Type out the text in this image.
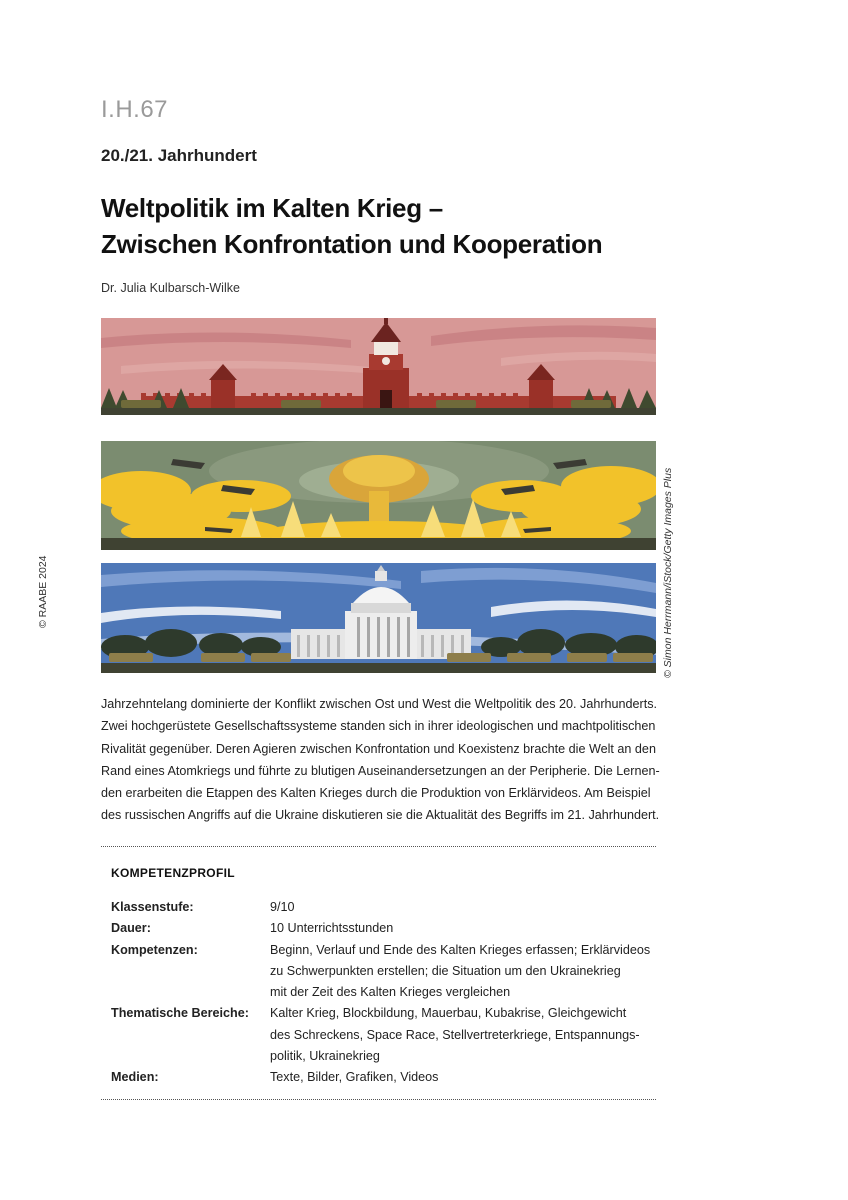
I.H.67
20./21. Jahrhundert
Weltpolitik im Kalten Krieg –
Zwischen Konfrontation und Kooperation
Dr. Julia Kulbarsch-Wilke
© RAABE 2024	© Simon Herrmann/iStock/Getty Images Plus

Jahrzehntelang dominierte der Konflikt zwischen Ost und West die Weltpolitik des 20. Jahrhunderts.

Zwei hochgerüstete Gesellschaftssysteme standen sich in ihrer ideologischen und machtpolitischen

Rivalität gegenüber. Deren Agieren zwischen Konfrontation und Koexistenz brachte die Welt an den

Rand eines Atomkriegs und führte zu blutigen Auseinandersetzungen an der Peripherie. Die Lernen-

den erarbeiten die Etappen des Kalten Krieges durch die Produktion von Erklärvideos. Am Beispiel

des russischen Angriffs auf die Ukraine diskutieren sie die Aktualität des Begriffs im 21. Jahrhundert.

KOMPETENZPROFIL
Klassenstufe:	9/10
Dauer:	10 Unterrichtsstunden
Kompetenzen:	Beginn, Verlauf und Ende des Kalten Krieges erfassen; Erklärvideos
zu Schwerpunkten erstellen; die Situation um den Ukrainekrieg
mit der Zeit des Kalten Krieges vergleichen
Thematische Bereiche:	Kalter Krieg, Blockbildung, Mauerbau, Kubakrise, Gleichgewicht
des Schreckens, Space Race, Stellvertreterkriege, Entspannungs-
politik, Ukrainekrieg
Medien:	Texte, Bilder, Grafiken, Videos
